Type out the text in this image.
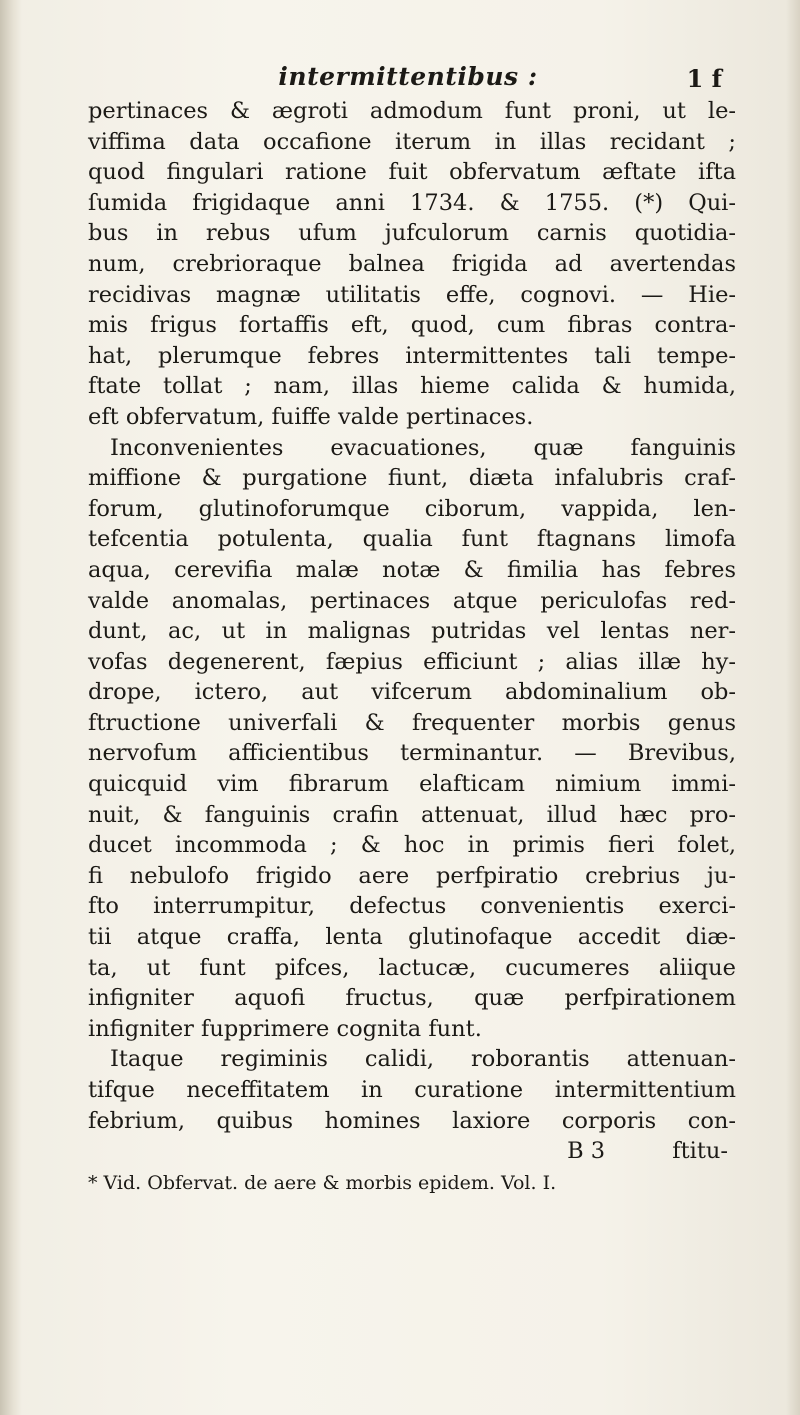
intermittentibus :	1 f
pertinaces & ægroti admodum funt proni, ut le-
viffima data occafione iterum in illas recidant ;
quod fingulari ratione fuit obfervatum æftate ifta
ſumida frigidaque anni 1734. & 1755. (*) Qui-
bus in rebus ufum jufculorum carnis quotidia-
num, crebrioraque balnea frigida ad avertendas
recidivas magnæ utilitatis effe, cognovi. — Hie-
mis frigus fortaffis eft, quod, cum fibras contra-
hat, plerumque febres intermittentes tali tempe-
ftate tollat ; nam, illas hieme calida & humida,
eft obfervatum, fuiffe valde pertinaces.
Inconvenientes evacuationes, quæ fanguinis
miffione & purgatione fiunt, diæta infalubris craf-
forum, glutinoforumque ciborum, vappida, len-
tefcentia potulenta, qualia funt ftagnans limofa
aqua, cerevifia malæ notæ & fimilia has febres
valde anomalas, pertinaces atque periculofas red-
dunt, ac, ut in malignas putridas vel lentas ner-
vofas degenerent, fæpius efficiunt ; alias illæ hy-
drope, ictero, aut vifcerum abdominalium ob-
ftructione univerfali & frequenter morbis genus
nervofum afficientibus terminantur. — Brevibus,
quicquid vim fibrarum elafticam nimium immi-
nuit, & fanguinis crafin attenuat, illud hæc pro-
ducet incommoda ; & hoc in primis fieri folet,
fi nebulofo frigido aere perfpiratio crebrius ju-
fto interrumpitur, defectus convenientis exerci-
tii atque craffa, lenta glutinofaque accedit diæ-
ta, ut funt pifces, lactucæ, cucumeres aliique
infigniter aquofi fructus, quæ perfpirationem
infigniter fupprimere cognita funt.
Itaque regiminis calidi, roborantis attenuan-
tifque neceffitatem in curatione intermittentium
febrium, quibus homines laxiore corporis con-
B 3	ftitu-
* Vid. Obfervat. de aere & morbis epidem. Vol. I.
